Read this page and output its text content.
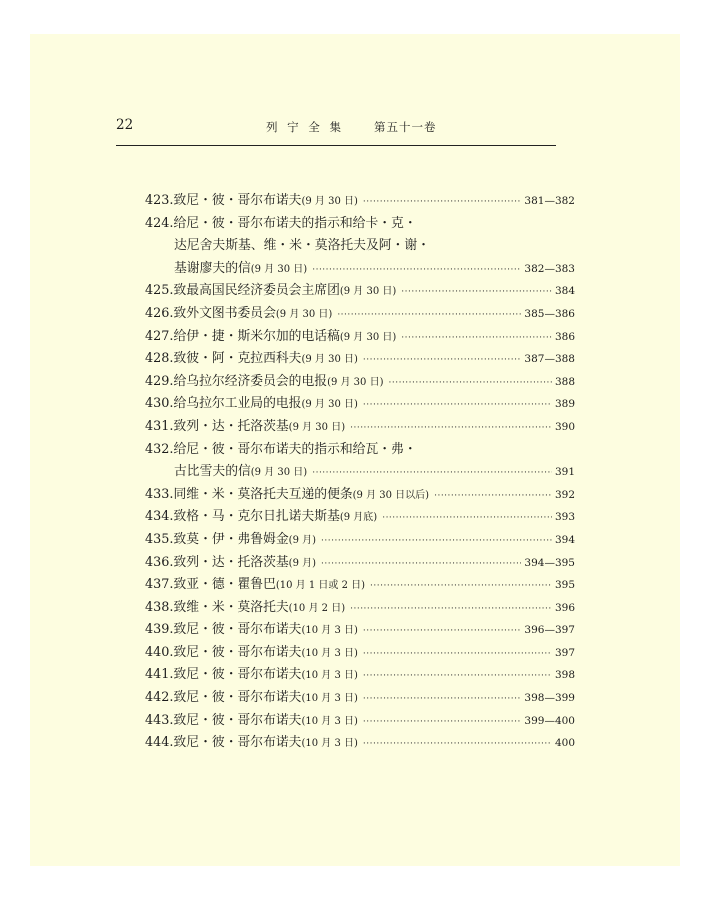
22	列 宁 全 集	第五十一卷
423. 致尼・彼・哥尔布诺夫 (9 月 30 日) ·····	381—382
424. 给尼・彼・哥尔布诺夫的指示和给卡・克・
达尼舍夫斯基、维・米・莫洛托夫及阿・谢・
基谢廖夫的信 (9 月 30 日) ·····	382—383
425. 致最高国民经济委员会主席团 (9 月 30 日) ·····	384
426. 致外文图书委员会 (9 月 30 日) ·····	385—386
427. 给伊・捷・斯米尔加的电话稿 (9 月 30 日) ·····	386
428. 致彼・阿・克拉西科夫 (9 月 30 日) ·····	387—388
429. 给乌拉尔经济委员会的电报 (9 月 30 日) ·····	388
430. 给乌拉尔工业局的电报 (9 月 30 日) ·····	389
431. 致列・达・托洛茨基 (9 月 30 日) ·····	390
432. 给尼・彼・哥尔布诺夫的指示和给瓦・弗・
古比雪夫的信 (9 月 30 日) ·····	391
433. 同维・米・莫洛托夫互递的便条 (9 月 30 日以后) ·····	392
434. 致格・马・克尔日扎诺夫斯基 (9 月底) ·····	393
435. 致莫・伊・弗鲁姆金 (9 月) ·····	394
436. 致列・达・托洛茨基 (9 月) ·····	394—395
437. 致亚・德・瞿鲁巴 (10 月 1 日或 2 日) ·····	395
438. 致维・米・莫洛托夫 (10 月 2 日) ·····	396
439. 致尼・彼・哥尔布诺夫 (10 月 3 日) ·····	396—397
440. 致尼・彼・哥尔布诺夫 (10 月 3 日) ·····	397
441. 致尼・彼・哥尔布诺夫 (10 月 3 日) ·····	398
442. 致尼・彼・哥尔布诺夫 (10 月 3 日) ·····	398—399
443. 致尼・彼・哥尔布诺夫 (10 月 3 日) ·····	399—400
444. 致尼・彼・哥尔布诺夫 (10 月 3 日) ·····	400
